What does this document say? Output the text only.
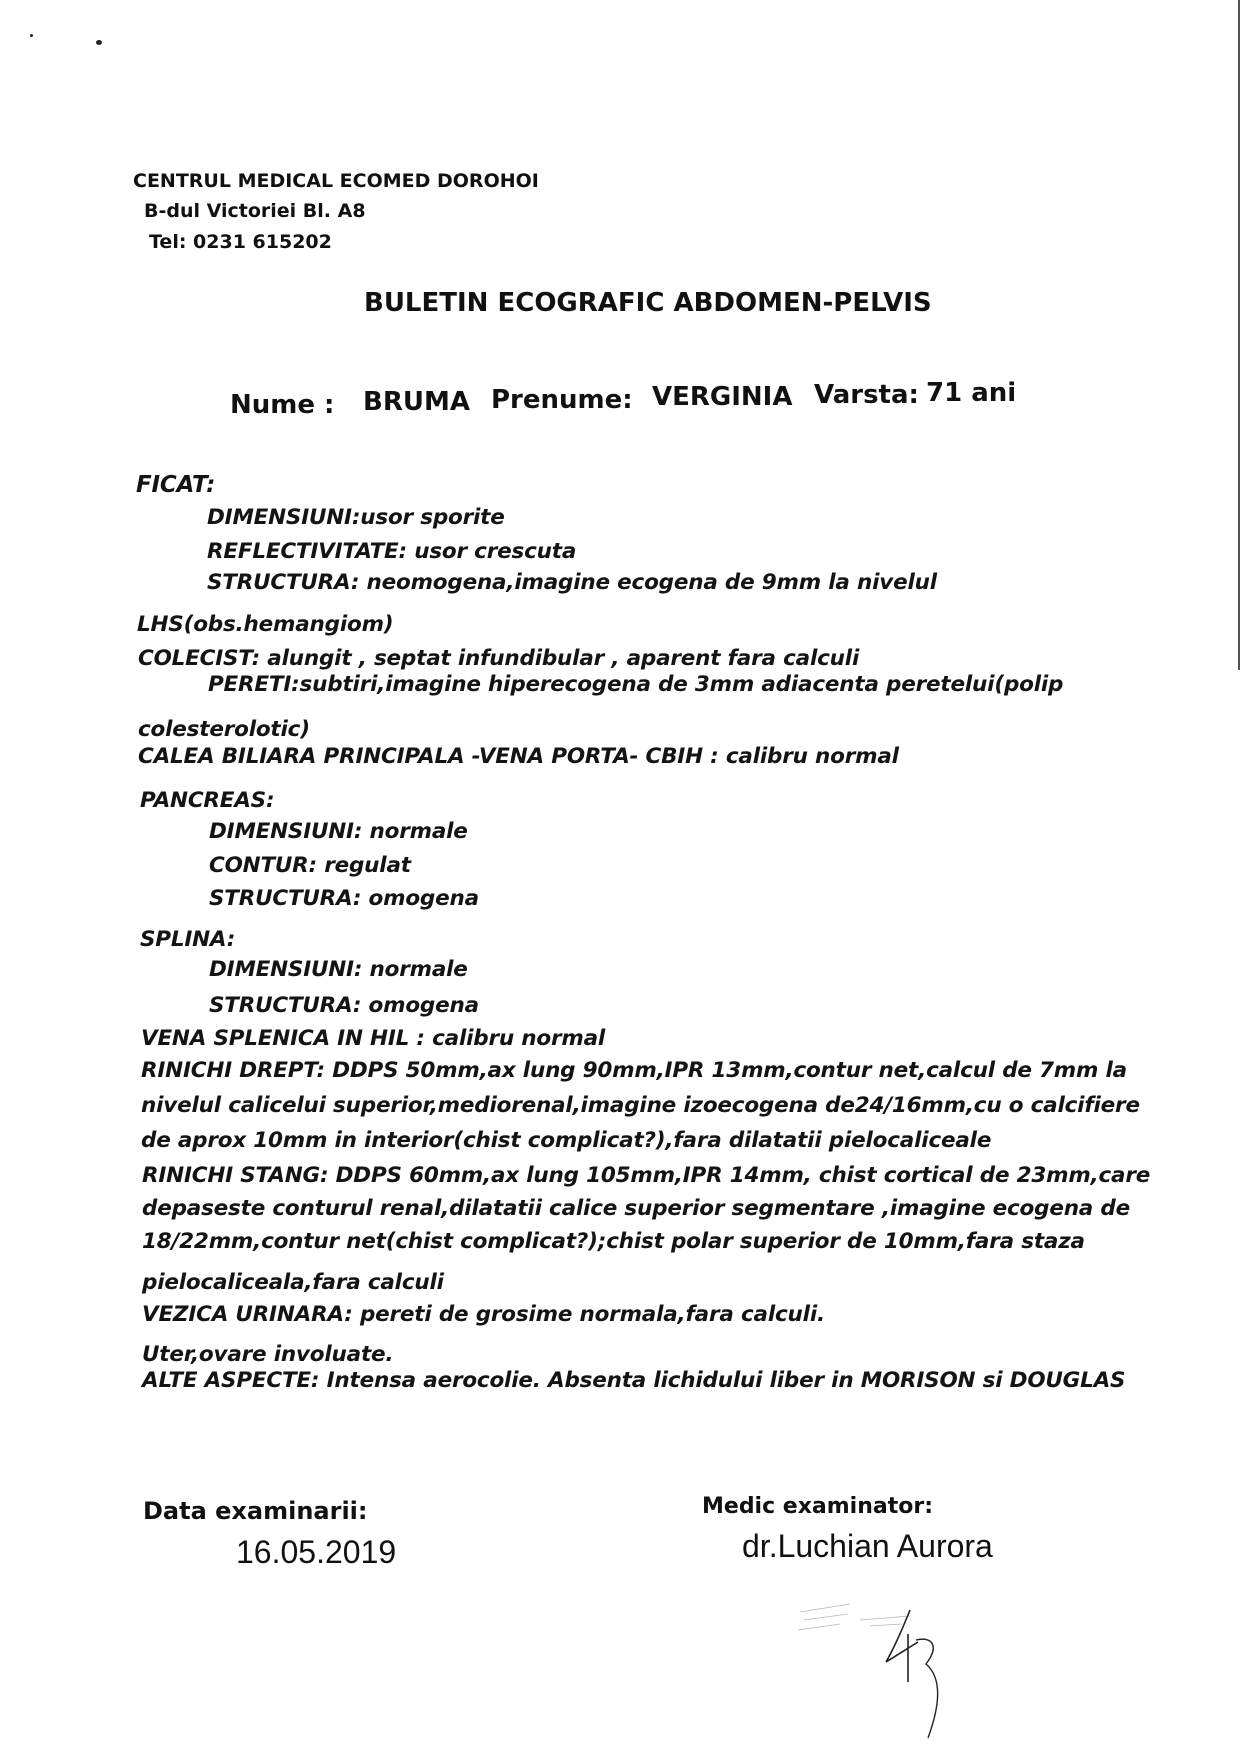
CENTRUL MEDICAL ECOMED DOROHOI
B-dul Victoriei Bl. A8
Tel: 0231 615202
BULETIN ECOGRAFIC ABDOMEN-PELVIS
Nume : BRUMA Prenume: VERGINIA Varsta: 71 ani
FICAT:
DIMENSIUNI:usor sporite
REFLECTIVITATE: usor crescuta
STRUCTURA: neomogena,imagine ecogena de 9mm la nivelul
LHS(obs.hemangiom)
COLECIST: alungit , septat infundibular , aparent fara calculi
PERETI:subtiri,imagine hiperecogena de 3mm adiacenta peretelui(polip
colesterolotic)
CALEA BILIARA PRINCIPALA -VENA PORTA- CBIH : calibru normal
PANCREAS:
DIMENSIUNI: normale
CONTUR: regulat
STRUCTURA: omogena
SPLINA:
DIMENSIUNI: normale
STRUCTURA: omogena
VENA SPLENICA IN HIL : calibru normal
RINICHI DREPT: DDPS 50mm,ax lung 90mm,IPR 13mm,contur net,calcul de 7mm la
nivelul calicelui superior,mediorenal,imagine izoecogena de24/16mm,cu o calcifiere
de aprox 10mm in interior(chist complicat?),fara dilatatii pielocaliceale
RINICHI STANG: DDPS 60mm,ax lung 105mm,IPR 14mm, chist cortical de 23mm,care
depaseste conturul renal,dilatatii calice superior segmentare ,imagine ecogena de
18/22mm,contur net(chist complicat?);chist polar superior de 10mm,fara staza
pielocaliceala,fara calculi
VEZICA URINARA: pereti de grosime normala,fara calculi.
Uter,ovare involuate.
ALTE ASPECTE: Intensa aerocolie. Absenta lichidului liber in MORISON si DOUGLAS
Data examinarii:
16.05.2019
Medic examinator:
dr.Luchian Aurora
